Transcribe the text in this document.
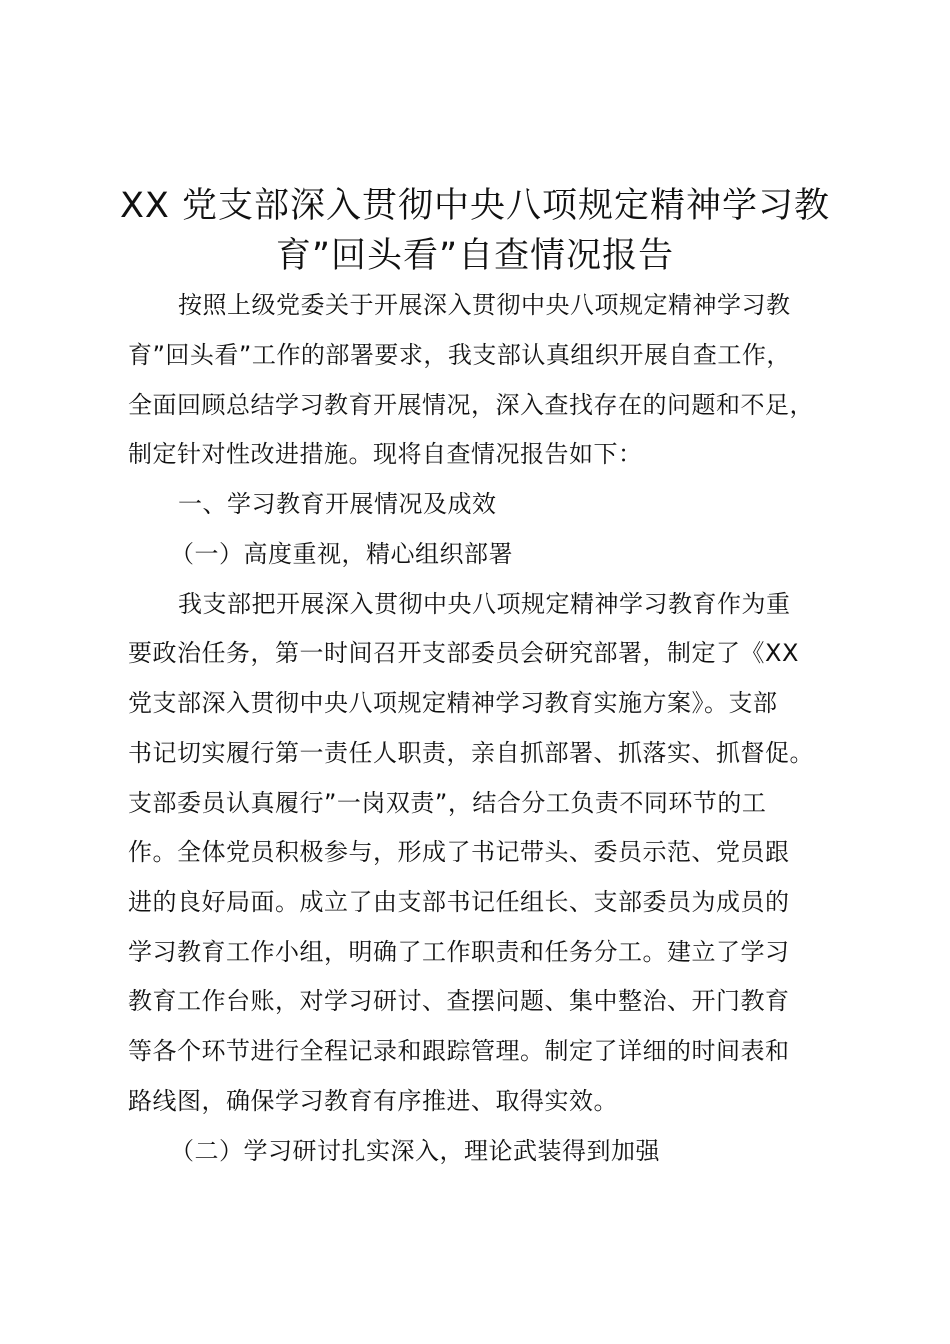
XX 党支部深入贯彻中央八项规定精神学习教
育”回头看”自查情况报告
按照上级党委关于开展深入贯彻中央八项规定精神学习教
育”回头看”工作的部署要求，我支部认真组织开展自查工作，
全面回顾总结学习教育开展情况，深入查找存在的问题和不足，
制定针对性改进措施。现将自查情况报告如下：
一、学习教育开展情况及成效
（一）高度重视，精心组织部署
我支部把开展深入贯彻中央八项规定精神学习教育作为重
要政治任务，第一时间召开支部委员会研究部署，制定了《XX
党支部深入贯彻中央八项规定精神学习教育实施方案》。支部
书记切实履行第一责任人职责，亲自抓部署、抓落实、抓督促。
支部委员认真履行”一岗双责”，结合分工负责不同环节的工
作。全体党员积极参与，形成了书记带头、委员示范、党员跟
进的良好局面。成立了由支部书记任组长、支部委员为成员的
学习教育工作小组，明确了工作职责和任务分工。建立了学习
教育工作台账，对学习研讨、查摆问题、集中整治、开门教育
等各个环节进行全程记录和跟踪管理。制定了详细的时间表和
路线图，确保学习教育有序推进、取得实效。
（二）学习研讨扎实深入，理论武装得到加强
